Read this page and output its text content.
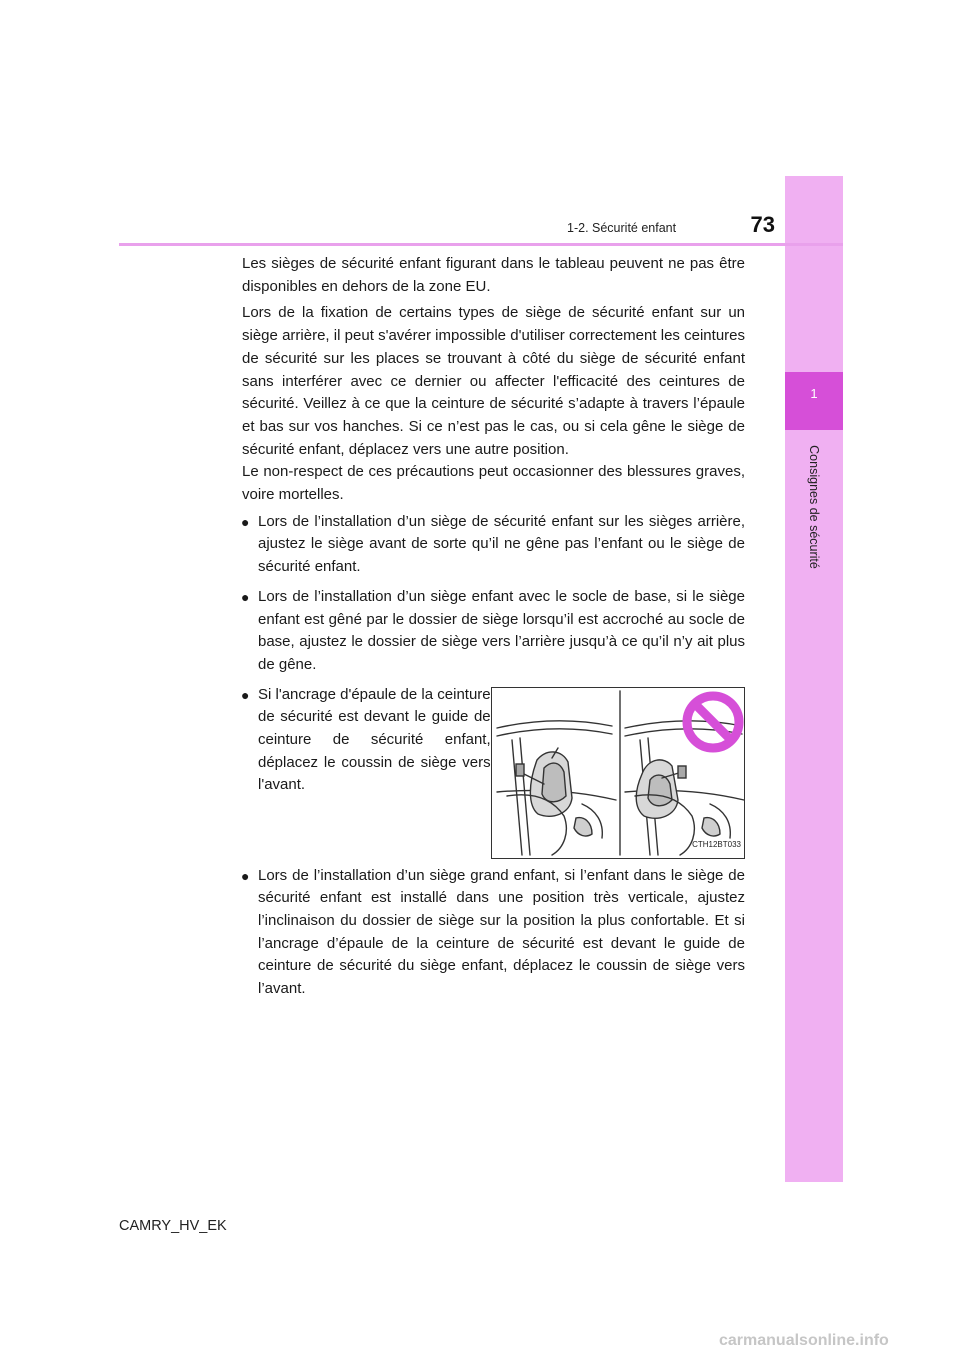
1
Consignes de sécurité
1-2. Sécurité enfant	73

Les sièges de sécurité enfant figurant dans le tableau peuvent ne pas être disponibles en dehors de la zone EU.

Lors de la fixation de certains types de siège de sécurité enfant sur un siège arrière, il peut s'avérer impossible d'utiliser correctement les ceintures de sécurité sur les places se trouvant à côté du siège de sécurité enfant sans interférer avec ce dernier ou affecter l'efficacité des ceintures de sécurité. Veillez à ce que la ceinture de sécurité s’adapte à travers l’épaule et bas sur vos hanches. Si ce n’est pas le cas, ou si cela gêne le siège de sécurité enfant, déplacez vers une autre position.

Le non-respect de ces précautions peut occasionner des blessures graves, voire mortelles.

● Lors de l’installation d’un siège de sécurité enfant sur les sièges arrière, ajustez le siège avant de sorte qu’il ne gêne pas l’enfant ou le siège de sécurité enfant.
● Lors de l’installation d’un siège enfant avec le socle de base, si le siège enfant est gêné par le dossier de siège lorsqu’il est accroché au socle de base, ajustez le dossier de siège vers l’arrière jusqu’à ce qu’il n’y ait plus de gêne.
● Si l'ancrage d'épaule de la ceinture de sécurité est devant le guide de ceinture de sécurité enfant, déplacez le coussin de siège vers l'avant.
CTH12BT033
● Lors de l’installation d’un siège grand enfant, si l’enfant dans le siège de sécurité enfant est installé dans une position très verticale, ajustez l’inclinaison du dossier de siège sur la position la plus confortable. Et si l’ancrage d’épaule de la ceinture de sécurité est devant le guide de ceinture de sécurité du siège enfant, déplacez le coussin de siège vers l’avant.
CAMRY_HV_EK
carmanualsonline.info
